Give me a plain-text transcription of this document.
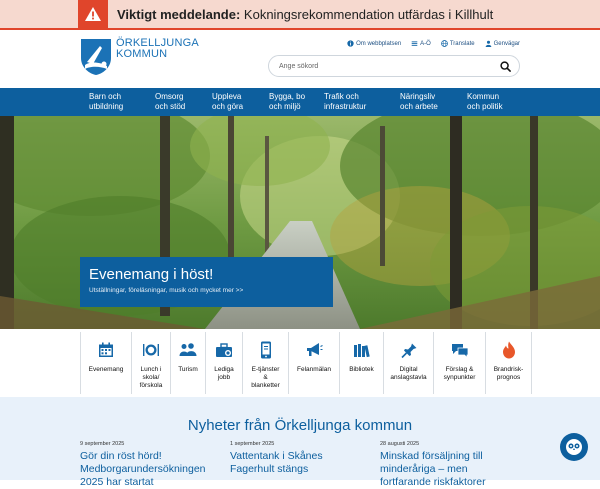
Viktigt meddelande: Kokningsrekommendation utfärdas i Killhult
ÖRKELLJUNGA
KOMMUN
Om webbplatsen	A-Ö	Translate	Genvägar
Ange sökord
Barn och
utbildning
Omsorg
och stöd
Uppleva
och göra
Bygga, bo
och miljö
Trafik och
infrastruktur
Näringsliv
och arbete
Kommun
och politik
Evenemang i höst!
Utställningar, föreläsningar, musik och mycket mer >>
Evenemang	Lunch i
skola/
förskola
Turism	Lediga
jobb
E-tjänster
&
blanketter
Felanmälan	Bibliotek	Digital
anslagstavla
Förslag &
synpunkter
Brandrisk-
prognos
Nyheter från Örkelljunga kommun
9 september 2025
Gör din röst hörd!
Medborgarundersökningen
2025 har startat
1 september 2025
Vattentank i Skånes
Fagerhult stängs
28 augusti 2025
Minskad försäljning till
minderåriga – men
fortfarande riskfaktorer
